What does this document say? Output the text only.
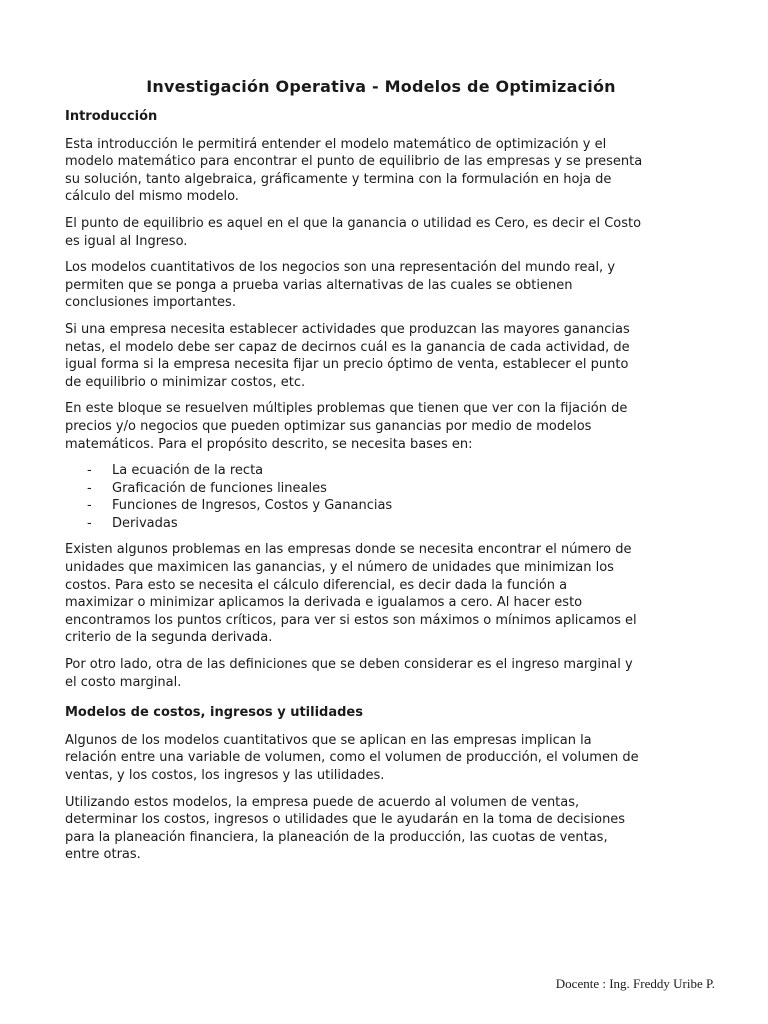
Investigación Operativa - Modelos de Optimización
Introducción

Esta introducción le permitirá entender el modelo matemático de optimización y el
modelo matemático para encontrar el punto de equilibrio de las empresas y se presenta
su solución, tanto algebraica, gráficamente y termina con la formulación en hoja de
cálculo del mismo modelo.

El punto de equilibrio es aquel en el que la ganancia o utilidad es Cero, es decir el Costo
es igual al Ingreso.

Los modelos cuantitativos de los negocios son una representación del mundo real, y
permiten que se ponga a prueba varias alternativas de las cuales se obtienen
conclusiones importantes.

Si una empresa necesita establecer actividades que produzcan las mayores ganancias
netas, el modelo debe ser capaz de decirnos cuál es la ganancia de cada actividad, de
igual forma si la empresa necesita fijar un precio óptimo de venta, establecer el punto
de equilibrio o minimizar costos, etc.

En este bloque se resuelven múltiples problemas que tienen que ver con la fijación de
precios y/o negocios que pueden optimizar sus ganancias por medio de modelos
matemáticos. Para el propósito descrito, se necesita bases en:

- La ecuación de la recta
- Graficación de funciones lineales
- Funciones de Ingresos, Costos y Ganancias
- Derivadas

Existen algunos problemas en las empresas donde se necesita encontrar el número de
unidades que maximicen las ganancias, y el número de unidades que minimizan los
costos. Para esto se necesita el cálculo diferencial, es decir dada la función a
maximizar o minimizar aplicamos la derivada e igualamos a cero. Al hacer esto
encontramos los puntos críticos, para ver si estos son máximos o mínimos aplicamos el
criterio de la segunda derivada.

Por otro lado, otra de las definiciones que se deben considerar es el ingreso marginal y
el costo marginal.

Modelos de costos, ingresos y utilidades

Algunos de los modelos cuantitativos que se aplican en las empresas implican la
relación entre una variable de volumen, como el volumen de producción, el volumen de
ventas, y los costos, los ingresos y las utilidades.

Utilizando estos modelos, la empresa puede de acuerdo al volumen de ventas,
determinar los costos, ingresos o utilidades que le ayudarán en la toma de decisiones
para la planeación financiera, la planeación de la producción, las cuotas de ventas,
entre otras.

Docente : Ing. Freddy Uribe P.
